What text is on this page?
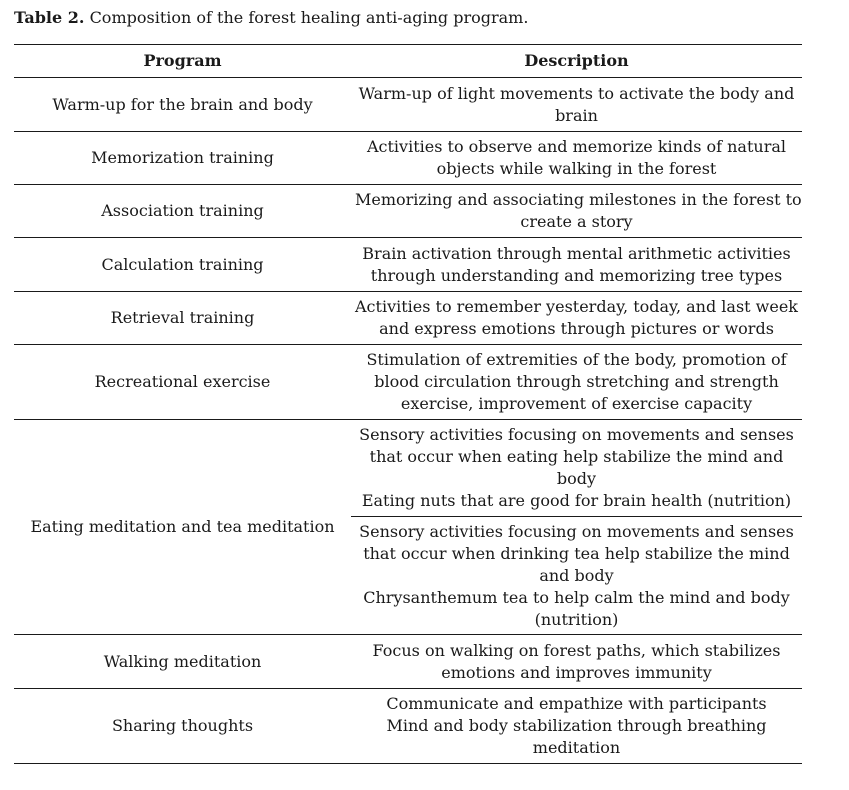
Table 2. Composition of the forest healing anti-aging program.
Program	Description
Warm-up for the brain and body	Warm-up of light movements to activate the body and
brain

Memorization training	Activities to observe and memorize kinds of natural
objects while walking in the forest

Association training	Memorizing and associating milestones in the forest to
create a story

Calculation training	Brain activation through mental arithmetic activities
through understanding and memorizing tree types

Retrieval training	Activities to remember yesterday, today, and last week
and express emotions through pictures or words

Recreational exercise	Stimulation of extremities of the body, promotion of
blood circulation through stretching and strength
exercise, improvement of exercise capacity

Eating meditation and tea meditation	Sensory activities focusing on movements and senses
that occur when eating help stabilize the mind and
body
Eating nuts that are good for brain health (nutrition)

	Sensory activities focusing on movements and senses
that occur when drinking tea help stabilize the mind
and body
Chrysanthemum tea to help calm the mind and body
(nutrition)

Walking meditation	Focus on walking on forest paths, which stabilizes
emotions and improves immunity

Sharing thoughts	Communicate and empathize with participants
Mind and body stabilization through breathing
meditation
